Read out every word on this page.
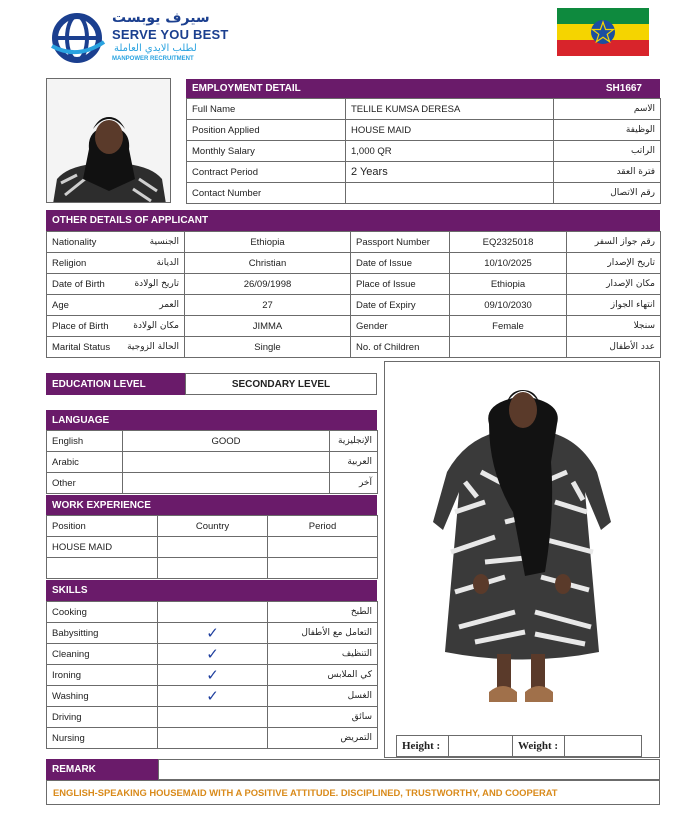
سيرف يوبست
SERVE YOU BEST
لطلب الايدي العاملة
MANPOWER RECRUITMENT
EMPLOYMENT DETAIL	SH1667
Full Name	TELILE KUMSA DERESA	الاسم
Position Applied	HOUSE MAID	الوظيفة
Monthly Salary	1,000 QR	الراتب
Contract Period	2 Years	فترة العقد
Contact Number		رقم الاتصال
OTHER DETAILS OF APPLICANT
Nationality	الجنسية	Ethiopia	Passport Number	EQ2325018	رقم جواز السفر
Religion	الديانة	Christian	Date of Issue	10/10/2025	تاريخ الإصدار
Date of Birth	تاريخ الولادة	26/09/1998	Place of Issue	Ethiopia	مكان الإصدار
Age	العمر	27	Date of Expiry	09/10/2030	انتهاء الجواز
Place of Birth	مكان الولادة	JIMMA	Gender	Female	سنجلا
Marital Status	الحالة الزوجية	Single	No. of Children		عدد الأطفال
EDUCATION LEVEL	SECONDARY LEVEL
LANGUAGE
English	GOOD	الإنجليزية
Arabic		العربية
Other		آخر
WORK EXPERIENCE
Position	Country	Period
HOUSE MAID		

SKILLS
Cooking		الطبخ
Babysitting	✓	التعامل مع الأطفال
Cleaning	✓	التنظيف
Ironing	✓	كي الملابس
Washing	✓	الغسل
Driving		سائق
Nursing		التمريض
Height :		Weight :	
REMARK
ENGLISH-SPEAKING HOUSEMAID WITH A POSITIVE ATTITUDE. DISCIPLINED, TRUSTWORTHY, AND COOPERAT
